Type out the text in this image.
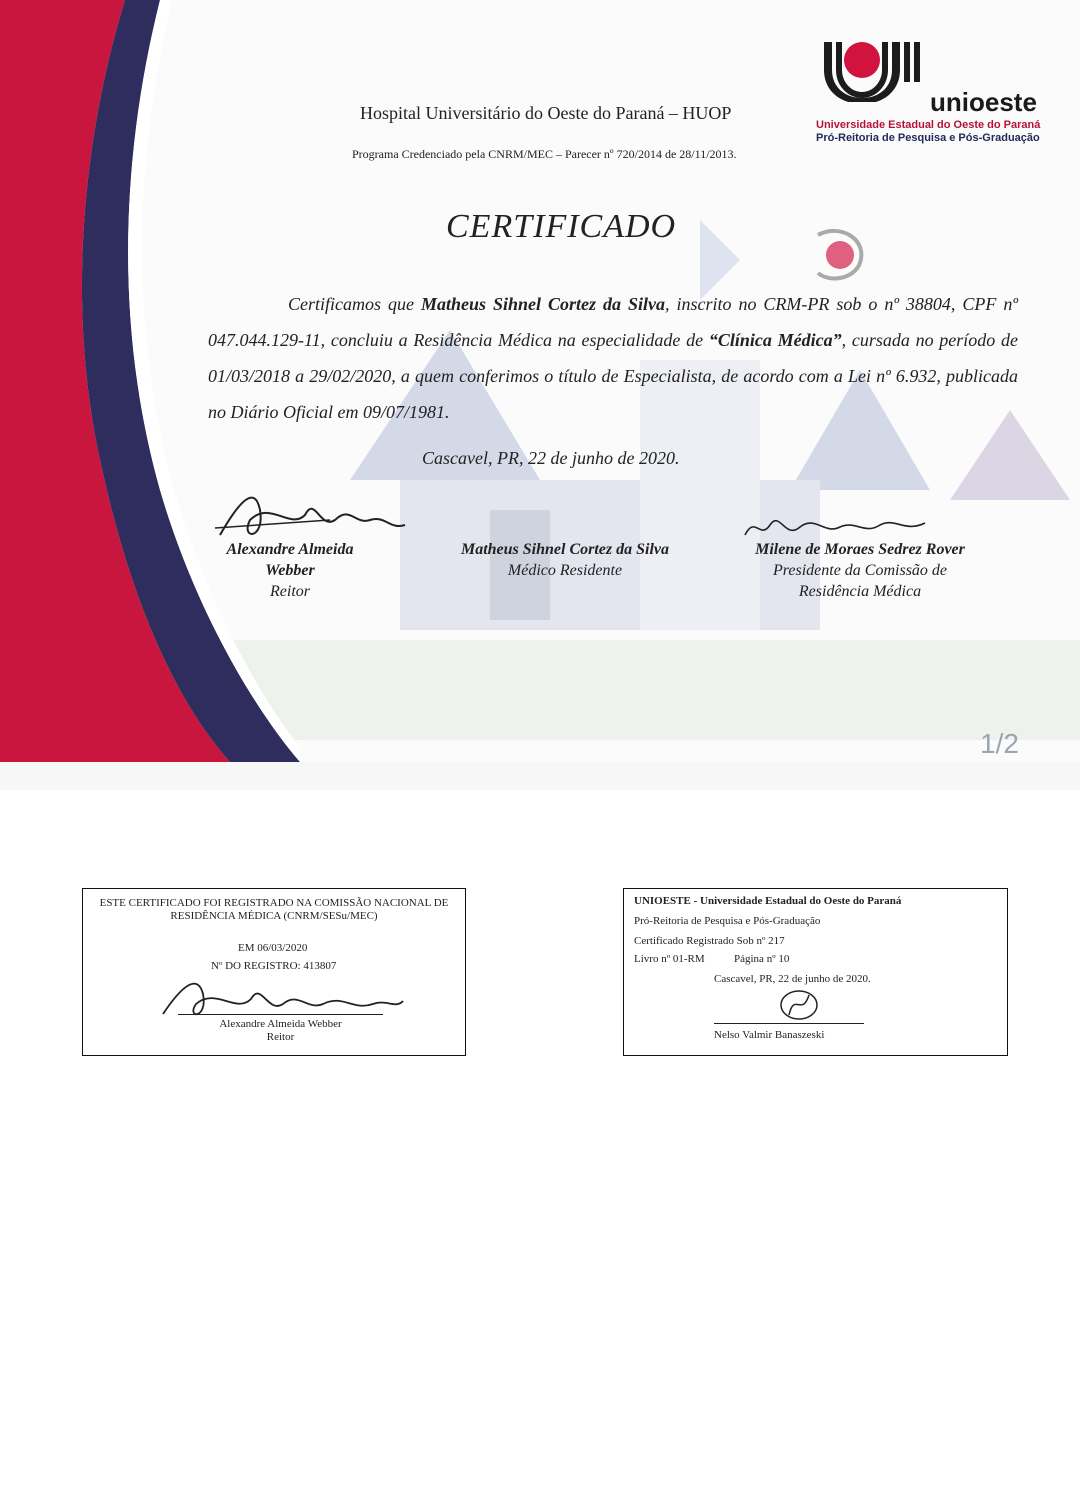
Hospital Universitário do Oeste do Paraná – HUOP
Programa Credenciado pela CNRM/MEC – Parecer nº 720/2014 de 28/11/2013.
unioeste
Universidade Estadual do Oeste do Paraná
Pró-Reitoria de Pesquisa e Pós-Graduação
CERTIFICADO

Certificamos que Matheus Sihnel Cortez da Silva, inscrito no CRM-PR sob o nº 38804, CPF nº 047.044.129-11, concluiu a Residência Médica na especialidade de “Clínica Médica”, cursada no período de 01/03/2018 a 29/02/2020, a quem conferimos o título de Especialista, de acordo com a Lei nº 6.932, publicada no Diário Oficial em 09/07/1981.

Cascavel, PR, 22 de junho de 2020.
Alexandre Almeida
Webber
Reitor
Matheus Sihnel Cortez da Silva
Médico Residente
Milene de Moraes Sedrez Rover
Presidente da Comissão de
Residência Médica
1/2
ESTE CERTIFICADO FOI REGISTRADO NA COMISSÃO NACIONAL DE
RESIDÊNCIA MÉDICA (CNRM/SESu/MEC)
EM 06/03/2020
Nº DO REGISTRO: 413807
Alexandre Almeida Webber
Reitor
UNIOESTE - Universidade Estadual do Oeste do Paraná
Pró-Reitoria de Pesquisa e Pós-Graduação
Certificado Registrado Sob nº 217
Livro nº 01-RM	Página nº 10
Cascavel, PR, 22 de junho de 2020.
Nelso Valmir Banaszeski
